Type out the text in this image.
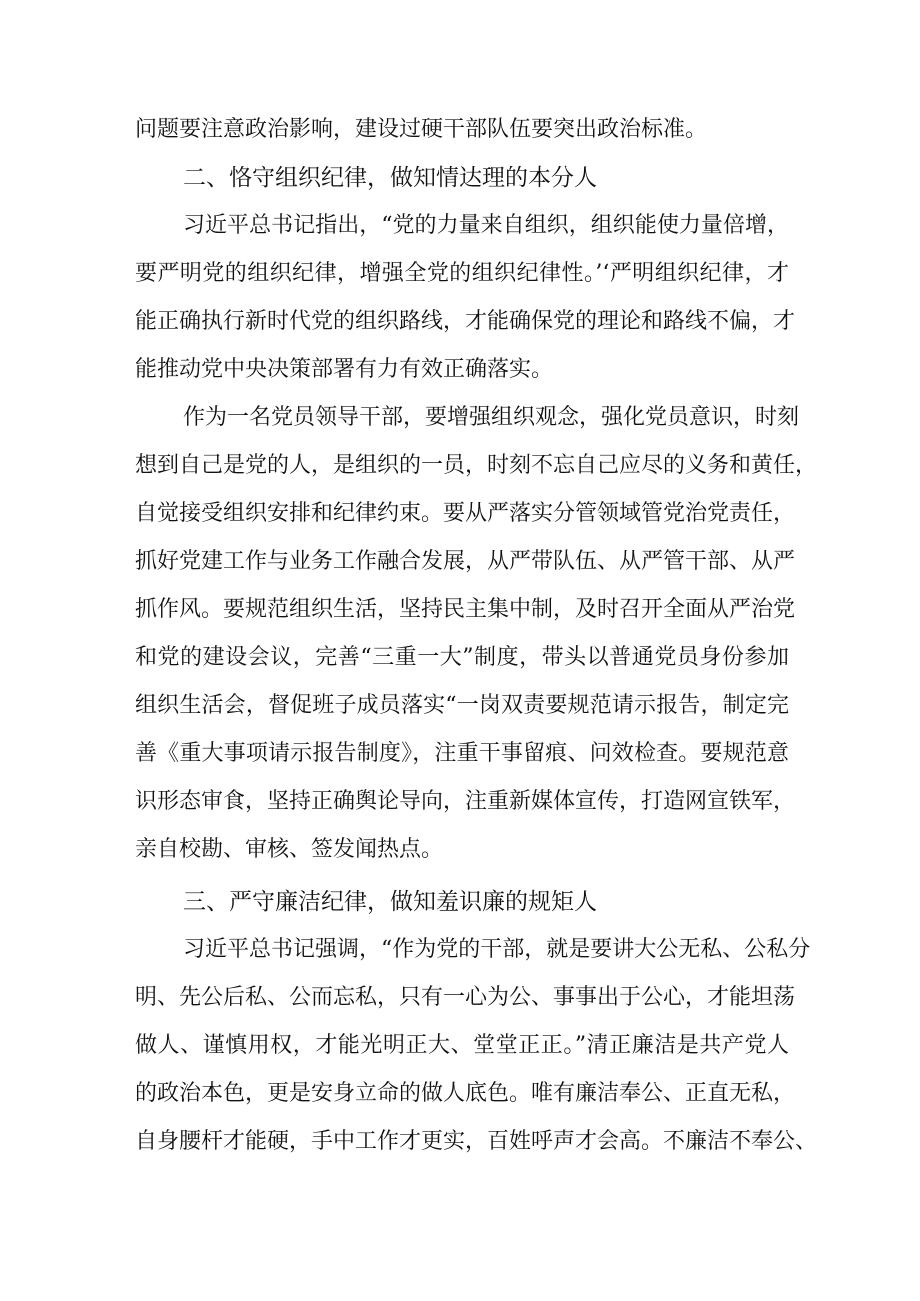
问题要注意政治影响，建设过硬干部队伍要突出政治标准。
二、恪守组织纪律，做知情达理的本分人
习近平总书记指出，“党的力量来自组织，组织能使力量倍增，
要严明党的组织纪律，增强全党的组织纪律性。’‘严明组织纪律，才
能正确执行新时代党的组织路线，才能确保党的理论和路线不偏，才
能推动党中央决策部署有力有效正确落实。
作为一名党员领导干部，要增强组织观念，强化党员意识，时刻
想到自己是党的人，是组织的一员，时刻不忘自己应尽的义务和黄任，
自觉接受组织安排和纪律约束。要从严落实分管领域管党治党责任，
抓好党建工作与业务工作融合发展，从严带队伍、从严管干部、从严
抓作风。要规范组织生活，坚持民主集中制，及时召开全面从严治党
和党的建设会议，完善“三重一大”制度，带头以普通党员身份参加
组织生活会，督促班子成员落实“一岗双责要规范请示报告，制定完
善《重大事项请示报告制度》，注重干事留痕、问效检查。要规范意
识形态审食，坚持正确舆论导向，注重新媒体宣传，打造网宣铁军，
亲自校勘、审核、签发闻热点。
三、严守廉洁纪律，做知羞识廉的规矩人
习近平总书记强调，“作为党的干部，就是要讲大公无私、公私分
明、先公后私、公而忘私，只有一心为公、事事出于公心，才能坦荡
做人、谨慎用权，才能光明正大、堂堂正正。”清正廉洁是共产党人
的政治本色，更是安身立命的做人底色。唯有廉洁奉公、正直无私，
自身腰杆才能硬，手中工作才更实，百姓呼声才会高。不廉洁不奉公、
